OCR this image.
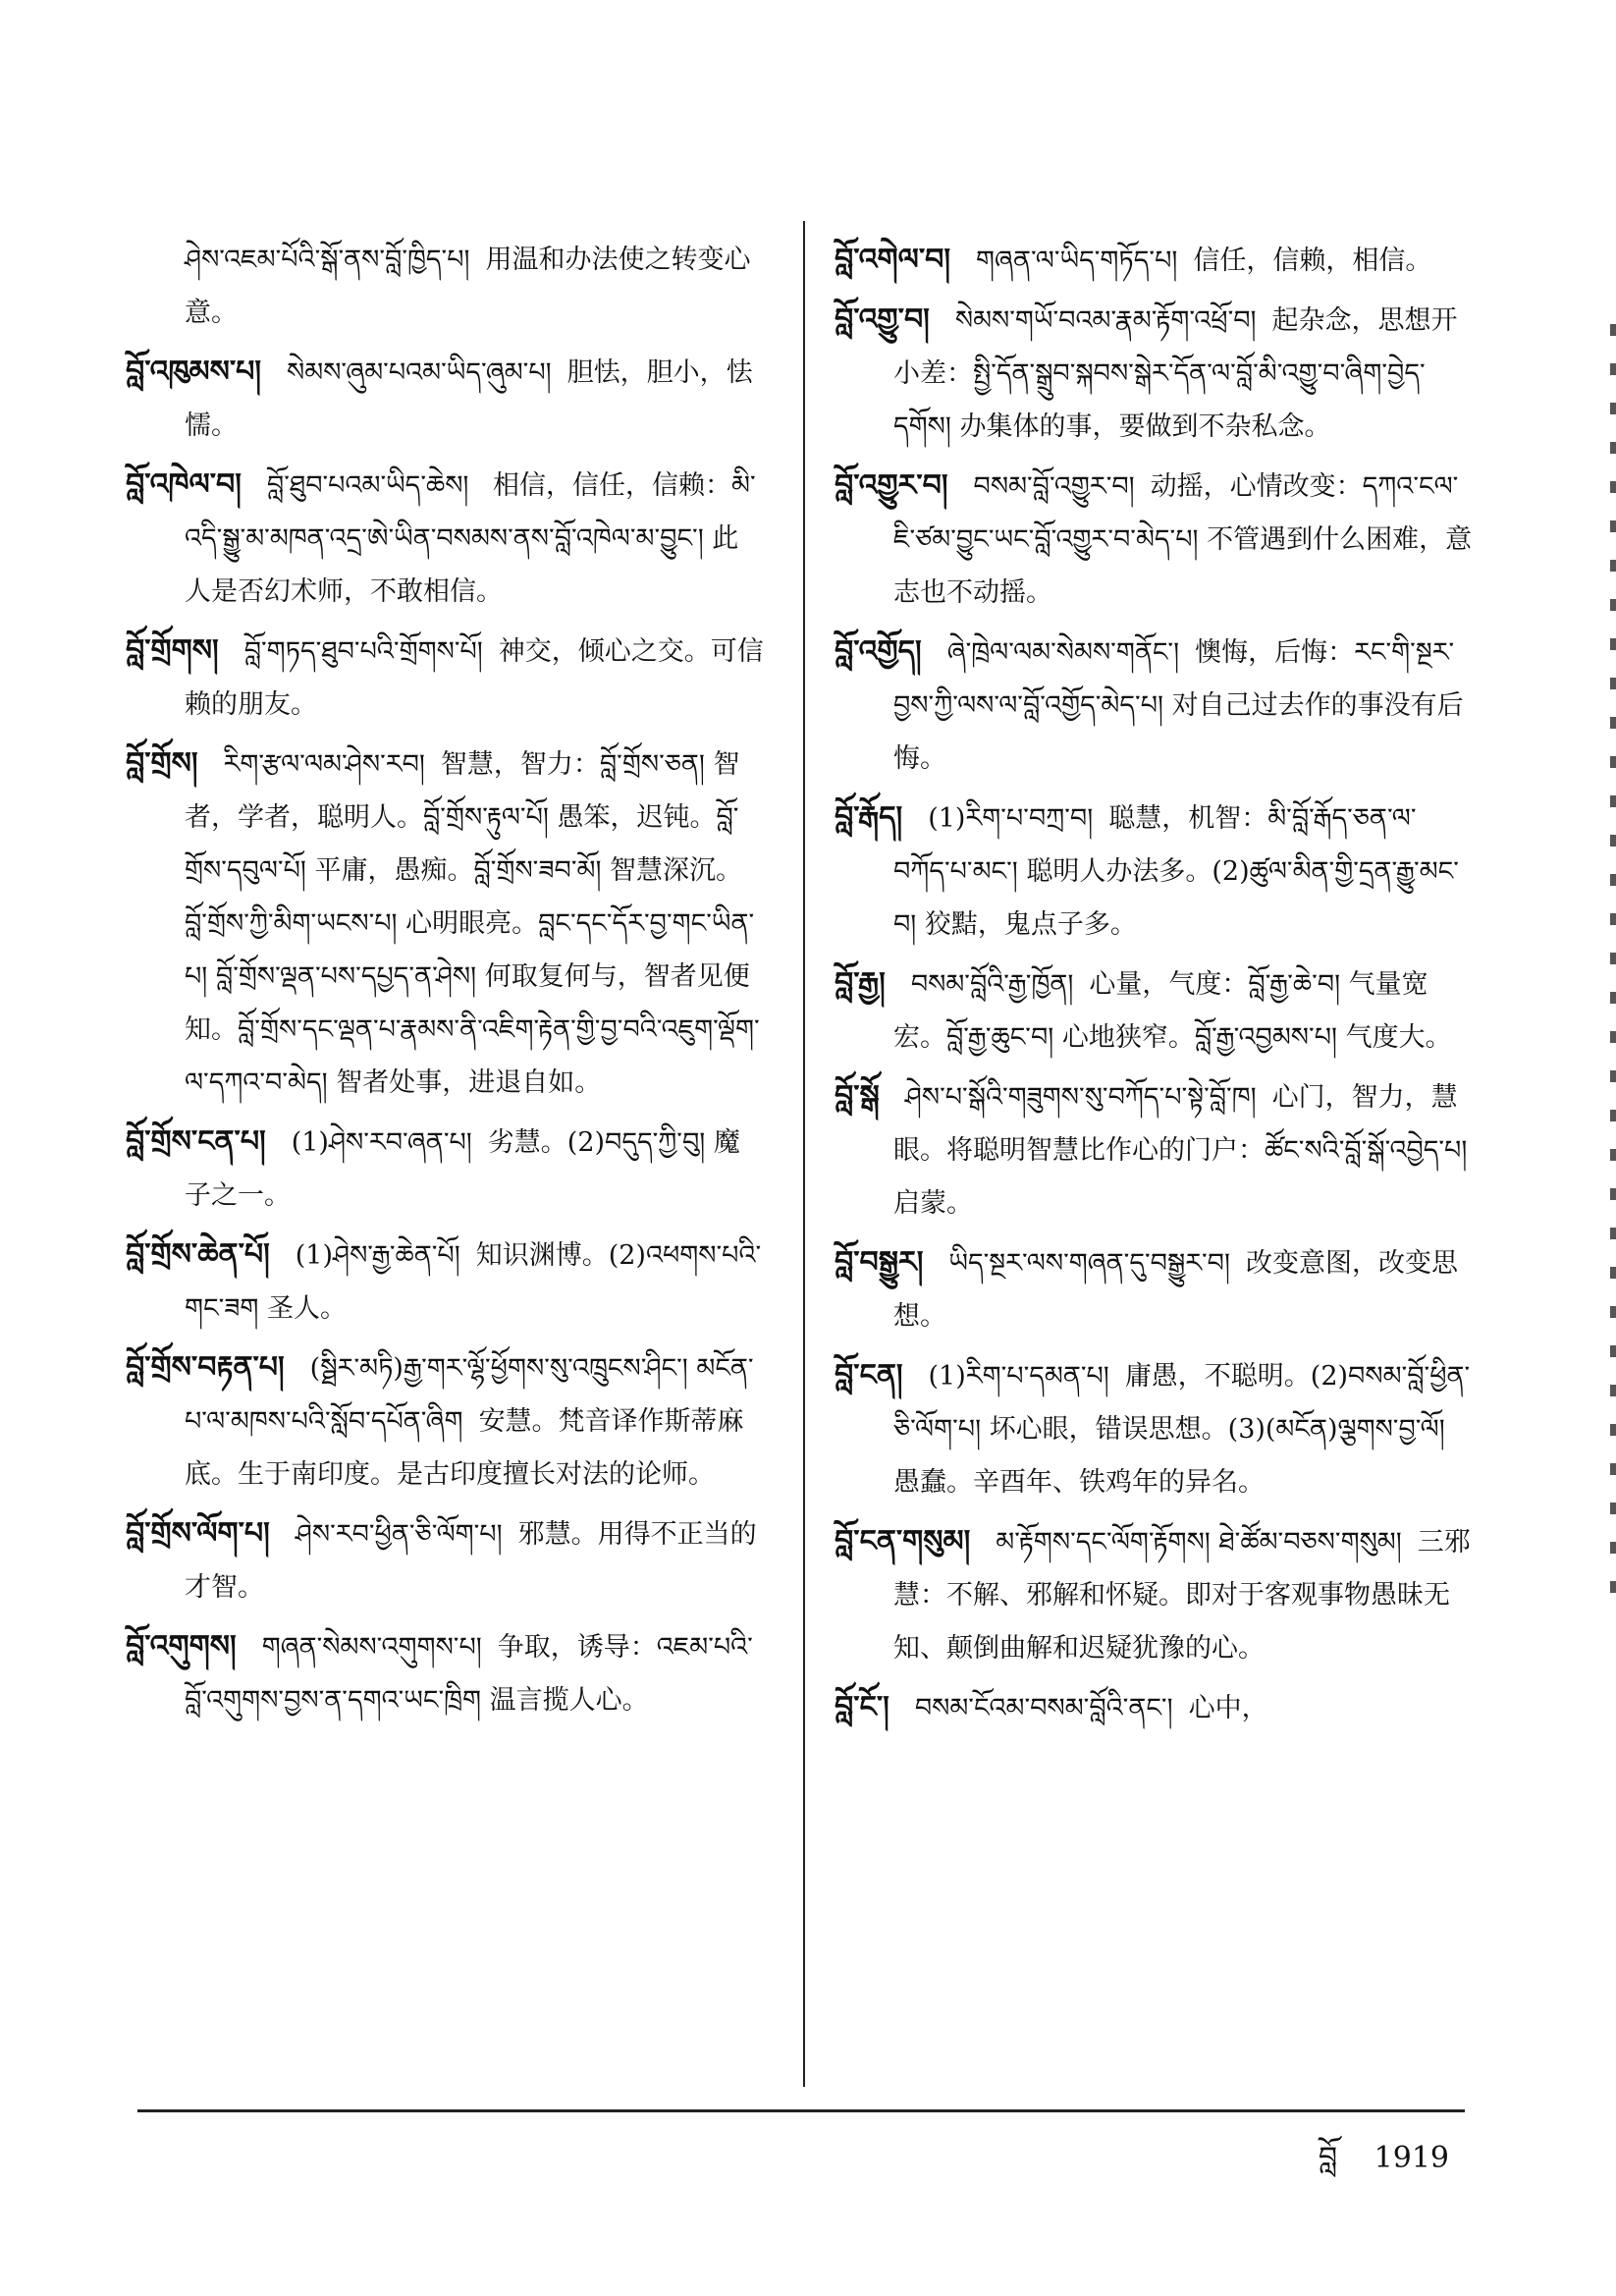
ཤེས་འཇམ་པོའི་སྒོ་ནས་བློ་ཁྱིད་པ། 用温和办法使之转变心意。

བློ་འཁུམས་པ། སེམས་ཞུམ་པའམ་ཡིད་ཞུམ་པ། 胆怯，胆小，怯懦。

བློ་འཁེལ་བ། བློ་ཐུབ་པའམ་ཡིད་ཆེས། 相信，信任，信赖：མི་འདི་སྒྱུ་མ་མཁན་འདྲ་ཨེ་ཡིན་བསམས་ནས་བློ་འཁེལ་མ་བྱུང་། 此人是否幻术师，不敢相信。

བློ་གྲོགས། བློ་གཏད་ཐུབ་པའི་གྲོགས་པོ། 神交，倾心之交。可信赖的朋友。

བློ་གྲོས། རིག་རྩལ་ལམ་ཤེས་རབ། 智慧，智力：བློ་གྲོས་ཅན། 智者，学者，聪明人。བློ་གྲོས་རྟུལ་པོ། 愚笨，迟钝。བློ་གྲོས་དབུལ་པོ། 平庸，愚痴。བློ་གྲོས་ཟབ་མོ། 智慧深沉。བློ་གྲོས་ཀྱི་མིག་ཡངས་པ། 心明眼亮。བླང་དང་དོར་བྱ་གང་ཡིན་པ། བློ་གྲོས་ལྡན་པས་དཔྱད་ན་ཤེས། 何取复何与，智者见便知。བློ་གྲོས་དང་ལྡན་པ་རྣམས་ནི་འཇིག་རྟེན་གྱི་བྱ་བའི་འཇུག་ལྡོག་ལ་དཀའ་བ་མེད། 智者处事，进退自如。

བློ་གྲོས་ངན་པ། (1)ཤེས་རབ་ཞན་པ། 劣慧。(2)བདུད་ཀྱི་བུ། 魔子之一。

བློ་གྲོས་ཆེན་པོ། (1)ཤེས་རྒྱ་ཆེན་པོ། 知识渊博。(2)འཕགས་པའི་གང་ཟག 圣人。

བློ་གྲོས་བརྟན་པ། (སྠིར་མཏི)རྒྱ་གར་ལྷོ་ཕྱོགས་སུ་འཁྲུངས་ཤིང་། མངོན་པ་ལ་མཁས་པའི་སློབ་དཔོན་ཞིག 安慧。梵音译作斯蒂麻底。生于南印度。是古印度擅长对法的论师。

བློ་གྲོས་ལོག་པ། ཤེས་རབ་ཕྱིན་ཅི་ལོག་པ། 邪慧。用得不正当的才智。

བློ་འགུགས། གཞན་སེམས་འགུགས་པ། 争取，诱导：འཇམ་པའི་བློ་འགུགས་བྱས་ན་དགའ་ཡང་ཁྲིག 温言揽人心。

བློ་འགེལ་བ། གཞན་ལ་ཡིད་གཏོད་པ། 信任，信赖，相信。

བློ་འགྱུ་བ། སེམས་གཡོ་བའམ་རྣམ་རྟོག་འཕྲོ་བ། 起杂念，思想开小差：སྤྱི་དོན་སྒྲུབ་སྐབས་སྒེར་དོན་ལ་བློ་མི་འགྱུ་བ་ཞིག་བྱེད་དགོས། 办集体的事，要做到不杂私念。

བློ་འགྱུར་བ། བསམ་བློ་འགྱུར་བ། 动摇，心情改变：དཀའ་ངལ་ཇི་ཙམ་བྱུང་ཡང་བློ་འགྱུར་བ་མེད་པ། 不管遇到什么困难，意志也不动摇。

བློ་འགྱོད། ཞེ་ཁྲེལ་ལམ་སེམས་གནོང་། 懊悔，后悔：རང་གི་སྔར་བྱས་ཀྱི་ལས་ལ་བློ་འགྱོད་མེད་པ། 对自己过去作的事没有后悔。

བློ་རྒོད། (1)རིག་པ་བཀྲ་བ། 聪慧，机智：མི་བློ་རྒོད་ཅན་ལ་བཀོད་པ་མང་། 聪明人办法多。(2)ཚུལ་མིན་གྱི་དྲན་རྒྱུ་མང་བ། 狡黠，鬼点子多。

བློ་རྒྱ། བསམ་བློའི་རྒྱ་ཁྱོན། 心量，气度：བློ་རྒྱ་ཆེ་བ། 气量宽宏。བློ་རྒྱ་ཆུང་བ། 心地狭窄。བློ་རྒྱ་འབྱམས་པ། 气度大。

བློ་སྒོ ཤེས་པ་སྒོའི་གཟུགས་སུ་བཀོད་པ་སྟེ་བློ་ཁ། 心门，智力，慧眼。将聪明智慧比作心的门户：ཚོང་སའི་བློ་སྒོ་འབྱེད་པ། 启蒙。

བློ་བསྒྱུར། ཡིད་སྔར་ལས་གཞན་དུ་བསྒྱུར་བ། 改变意图，改变思想。

བློ་ངན། (1)རིག་པ་དམན་པ། 庸愚，不聪明。(2)བསམ་བློ་ཕྱིན་ཅི་ལོག་པ། 坏心眼，错误思想。(3)(མངོན)ལྕགས་བྱ་ལོ། 愚蠢。辛酉年、铁鸡年的异名。

བློ་ངན་གསུམ། མ་རྟོགས་དང་ལོག་རྟོགས། ཐེ་ཚོམ་བཅས་གསུམ། 三邪慧：不解、邪解和怀疑。即对于客观事物愚昧无知、颠倒曲解和迟疑犹豫的心。

བློ་ངོ་། བསམ་ངོའམ་བསམ་བློའི་ནང་། 心中，

བློ 1919
